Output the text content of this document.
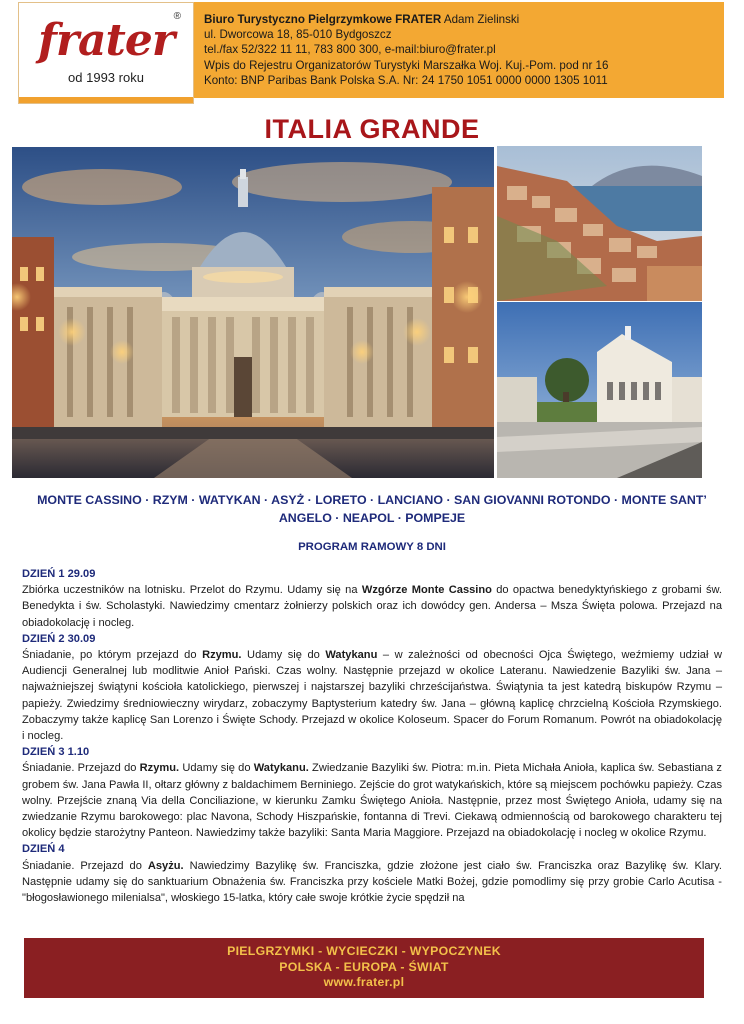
frater ®
od 1993 roku
Biuro Turystyczno Pielgrzymkowe FRATER Adam Zielinski
ul. Dworcowa 18, 85-010 Bydgoszcz
tel./fax 52/322 11 11, 783 800 300, e-mail:biuro@frater.pl
Wpis do Rejestru Organizatorów Turystyki Marszałka Woj. Kuj.-Pom. pod nr 16
Konto: BNP Paribas Bank Polska S.A. Nr: 24 1750 1051 0000 0000 1305 1011
ITALIA GRANDE
MONTE CASSINO · RZYM · WATYKAN · ASYŻ · LORETO · LANCIANO · SAN GIOVANNI ROTONDO · MONTE SANT’ ANGELO · NEAPOL · POMPEJE
PROGRAM RAMOWY 8 DNI
DZIEŃ 1 29.09
Zbiórka uczestników na lotnisku. Przelot do Rzymu. Udamy się na Wzgórze Monte Cassino do opactwa benedyktyńskiego z grobami św. Benedykta i św. Scholastyki. Nawiedzimy cmentarz żołnierzy polskich oraz ich dowódcy gen. Andersa – Msza Święta polowa. Przejazd na obiadokolację i nocleg.
DZIEŃ 2 30.09
Śniadanie, po którym przejazd do Rzymu. Udamy się do Watykanu – w zależności od obecności Ojca Świętego, weźmiemy udział w Audiencji Generalnej lub modlitwie Anioł Pański. Czas wolny. Następnie przejazd w okolice Lateranu. Nawiedzenie Bazyliki św. Jana – najważniejszej świątyni kościoła katolickiego, pierwszej i najstarszej bazyliki chrześcijaństwa. Świątynia ta jest katedrą biskupów Rzymu – papieży. Zwiedzimy średniowieczny wirydarz, zobaczymy Baptysterium katedry św. Jana – główną kaplicę chrzcielną Kościoła Rzymskiego. Zobaczymy także kaplicę San Lorenzo i Święte Schody. Przejazd w okolice Koloseum. Spacer do Forum Romanum. Powrót na obiadokolację i nocleg.
DZIEŃ 3 1.10
Śniadanie. Przejazd do Rzymu. Udamy się do Watykanu. Zwiedzanie Bazyliki św. Piotra: m.in. Pieta Michała Anioła, kaplica św. Sebastiana z grobem św. Jana Pawła II, ołtarz główny z baldachimem Berniniego. Zejście do grot watykańskich, które są miejscem pochówku papieży. Czas wolny. Przejście znaną Via della Conciliazione, w kierunku Zamku Świętego Anioła. Następnie, przez most Świętego Anioła, udamy się na zwiedzanie Rzymu barokowego: plac Navona, Schody Hiszpańskie, fontanna di Trevi. Ciekawą odmiennością od barokowego charakteru tej okolicy będzie starożytny Panteon. Nawiedzimy także bazyliki: Santa Maria Maggiore. Przejazd na obiadokolację i nocleg w okolice Rzymu.
DZIEŃ 4
Śniadanie. Przejazd do Asyżu. Nawiedzimy Bazylikę św. Franciszka, gdzie złożone jest ciało św. Franciszka oraz Bazylikę św. Klary. Następnie udamy się do sanktuarium Obnażenia św. Franciszka przy kościele Matki Bożej, gdzie pomodlimy się przy grobie Carlo Acutisa - "błogosławionego milenialsa", włoskiego 15-latka, który całe swoje krótkie życie spędził na
PIELGRZYMKI - WYCIECZKI - WYPOCZYNEK
POLSKA - EUROPA - ŚWIAT
www.frater.pl
